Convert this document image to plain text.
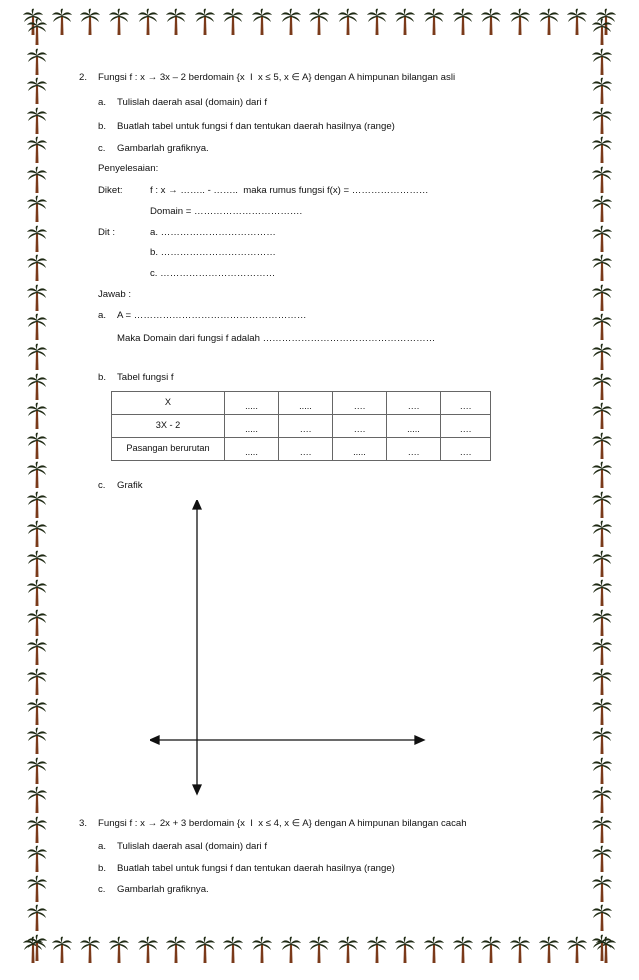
2. Fungsi f : x → 3x – 2 berdomain {x  I  x ≤ 5, x ∈ A} dengan A himpunan bilangan asli
a. Tulislah daerah asal (domain) dari f
b. Buatlah tabel untuk fungsi f dan tentukan daerah hasilnya (range)
c. Gambarlah grafiknya.
Penyelesaian:
Diket:	f : x → …….. - ……..  maka rumus fungsi f(x) = ……………………
Domain = …………………………….
Dit :	a. ………………………………
b. ………………………………
c. ………………………………
Jawab :
a. A = ………………………………………………
Maka Domain dari fungsi f adalah ………………………………………………
b. Tabel fungsi f
X	.....	.....	….	….	….
3X - 2	.....	….	….	.....	….
Pasangan berurutan	.....	….	.....	….	….
c. Grafik
3. Fungsi f : x → 2x + 3 berdomain {x  I  x ≤ 4, x ∈ A} dengan A himpunan bilangan cacah
a. Tulislah daerah asal (domain) dari f
b. Buatlah tabel untuk fungsi f dan tentukan daerah hasilnya (range)
c. Gambarlah grafiknya.
